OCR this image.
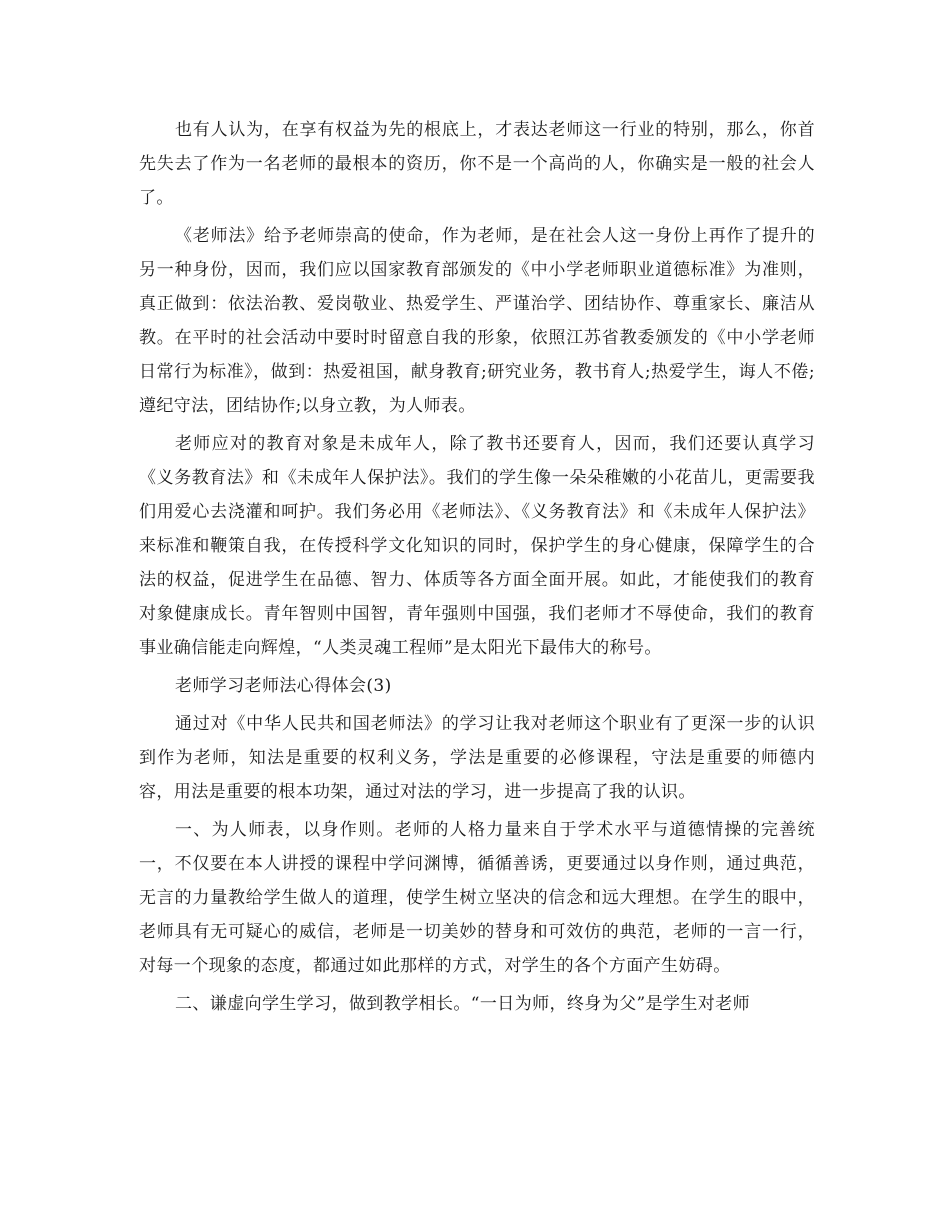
也有人认为，在享有权益为先的根底上，才表达老师这一行业的特别，那么，你首先失去了作为一名老师的最根本的资历，你不是一个高尚的人，你确实是一般的社会人了。

《老师法》给予老师崇高的使命，作为老师，是在社会人这一身份上再作了提升的另一种身份，因而，我们应以国家教育部颁发的《中小学老师职业道德标准》为准则，真正做到：依法治教、爱岗敬业、热爱学生、严谨治学、团结协作、尊重家长、廉洁从教。在平时的社会活动中要时时留意自我的形象，依照江苏省教委颁发的《中小学老师日常行为标准》，做到：热爱祖国，献身教育;研究业务，教书育人;热爱学生，诲人不倦;遵纪守法，团结协作;以身立教，为人师表。

老师应对的教育对象是未成年人，除了教书还要育人，因而，我们还要认真学习《义务教育法》和《未成年人保护法》。我们的学生像一朵朵稚嫩的小花苗儿，更需要我们用爱心去浇灌和呵护。我们务必用《老师法》、《义务教育法》和《未成年人保护法》来标准和鞭策自我，在传授科学文化知识的同时，保护学生的身心健康，保障学生的合法的权益，促进学生在品德、智力、体质等各方面全面开展。如此，才能使我们的教育对象健康成长。青年智则中国智，青年强则中国强，我们老师才不辱使命，我们的教育事业确信能走向辉煌，“人类灵魂工程师”是太阳光下最伟大的称号。

老师学习老师法心得体会(3)

通过对《中华人民共和国老师法》的学习让我对老师这个职业有了更深一步的认识到作为老师，知法是重要的权利义务，学法是重要的必修课程，守法是重要的师德内容，用法是重要的根本功架，通过对法的学习，进一步提高了我的认识。

一、为人师表，以身作则。老师的人格力量来自于学术水平与道德情操的完善统一，不仅要在本人讲授的课程中学问渊博，循循善诱，更要通过以身作则，通过典范，无言的力量教给学生做人的道理，使学生树立坚决的信念和远大理想。在学生的眼中，老师具有无可疑心的威信，老师是一切美妙的替身和可效仿的典范，老师的一言一行，对每一个现象的态度，都通过如此那样的方式，对学生的各个方面产生妨碍。

二、谦虚向学生学习，做到教学相长。“一日为师，终身为父”是学生对老师
